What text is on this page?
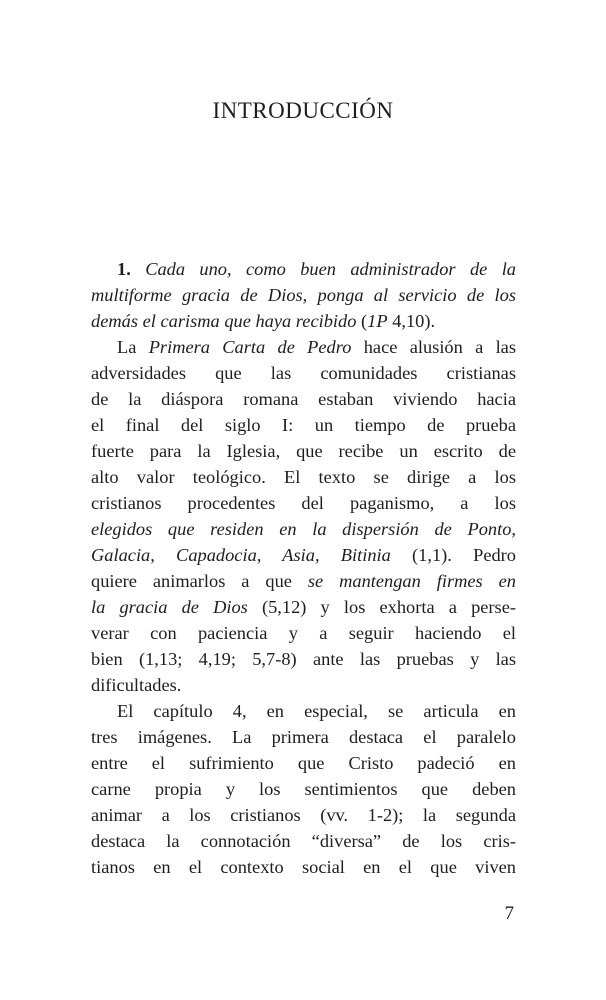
INTRODUCCIÓN
1. Cada uno, como buen administrador de la
multiforme gracia de Dios, ponga al servicio de los
demás el carisma que haya recibido (1P 4,10).
La Primera Carta de Pedro hace alusión a las
adversidades que las comunidades cristianas
de la diáspora romana estaban viviendo hacia
el final del siglo I: un tiempo de prueba
fuerte para la Iglesia, que recibe un escrito de
alto valor teológico. El texto se dirige a los
cristianos procedentes del paganismo, a los
elegidos que residen en la dispersión de Ponto,
Galacia, Capadocia, Asia, Bitinia (1,1). Pedro
quiere animarlos a que se mantengan firmes en
la gracia de Dios (5,12) y los exhorta a perse-
verar con paciencia y a seguir haciendo el
bien (1,13; 4,19; 5,7-8) ante las pruebas y las
dificultades.
El capítulo 4, en especial, se articula en
tres imágenes. La primera destaca el paralelo
entre el sufrimiento que Cristo padeció en
carne propia y los sentimientos que deben
animar a los cristianos (vv. 1-2); la segunda
destaca la connotación “diversa” de los cris-
tianos en el contexto social en el que viven

7
